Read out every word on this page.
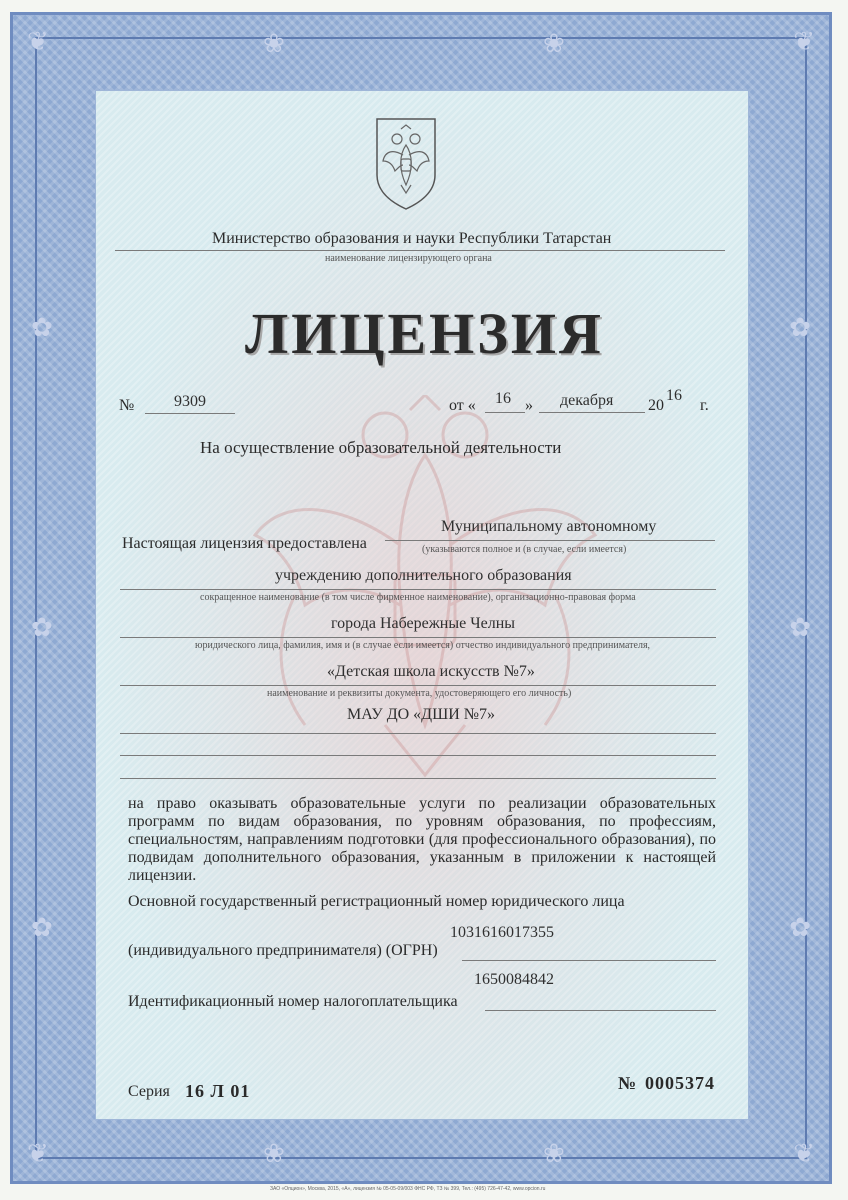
❦	❦
❦	❦
✿
✿
✿
✿
✿
✿
❀	❀
❀	❀
Министерство образования и науки Республики Татарстан
наименование лицензирующего органа
ЛИЦЕНЗИЯ
№ 9309	от « 16 » декабря 20
16
г.
На осуществление образовательной деятельности
Настоящая лицензия предоставлена
Муниципальному автономному
(указываются полное и (в случае, если имеется)
учреждению дополнительного образования
сокращенное наименование (в том числе фирменное наименование), организационно-правовая форма
города Набережные Челны
юридического лица, фамилия, имя и (в случае если имеется) отчество индивидуального предпринимателя,
«Детская школа искусств №7»
наименование и реквизиты документа, удостоверяющего его личность)
МАУ ДО «ДШИ №7»
на право оказывать образовательные услуги по реализации образовательных программ по видам образования, по уровням образования, по профессиям, специальностям, направлениям подготовки (для профессионального образования), по подвидам дополнительного образования, указанным в приложении к настоящей лицензии.
Основной государственный регистрационный номер юридического лица
1031616017355
(индивидуального предпринимателя) (ОГРН)
1650084842
Идентификационный номер налогоплательщика
Серия 16 Л 01	№ 0005374
ЗАО «Опцион», Москва, 2015, «А», лицензия № 05-05-09/003 ФНС РФ, ТЗ № 399, Тел.: (495) 726-47-42, www.opcion.ru
